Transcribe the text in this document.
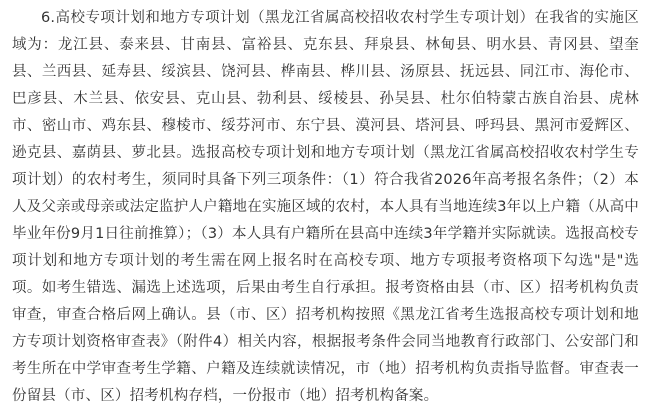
6.高校专项计划和地方专项计划（黑龙江省属高校招收农村学生专项计划）在我省的实施区域为：龙江县、泰来县、甘南县、富裕县、克东县、拜泉县、林甸县、明水县、青冈县、望奎县、兰西县、延寿县、绥滨县、饶河县、桦南县、桦川县、汤原县、抚远县、同江市、海伦市、巴彦县、木兰县、依安县、克山县、勃利县、绥棱县、孙吴县、杜尔伯特蒙古族自治县、虎林市、密山市、鸡东县、穆棱市、绥芬河市、东宁县、漠河县、塔河县、呼玛县、黑河市爱辉区、逊克县、嘉荫县、萝北县。选报高校专项计划和地方专项计划（黑龙江省属高校招收农村学生专项计划）的农村考生，须同时具备下列三项条件：（1）符合我省2026年高考报名条件；（2）本人及父亲或母亲或法定监护人户籍地在实施区域的农村，本人具有当地连续3年以上户籍（从高中毕业年份9月1日往前推算）；（3）本人具有户籍所在县高中连续3年学籍并实际就读。选报高校专项计划和地方专项计划的考生需在网上报名时在高校专项、地方专项报考资格项下勾选"是"选项。如考生错选、漏选上述选项，后果由考生自行承担。报考资格由县（市、区）招考机构负责审查，审查合格后网上确认。县（市、区）招考机构按照《黑龙江省考生选报高校专项计划和地方专项计划资格审查表》（附件4）相关内容，根据报考条件会同当地教育行政部门、公安部门和考生所在中学审查考生学籍、户籍及连续就读情况，市（地）招考机构负责指导监督。审查表一份留县（市、区）招考机构存档，一份报市（地）招考机构备案。
